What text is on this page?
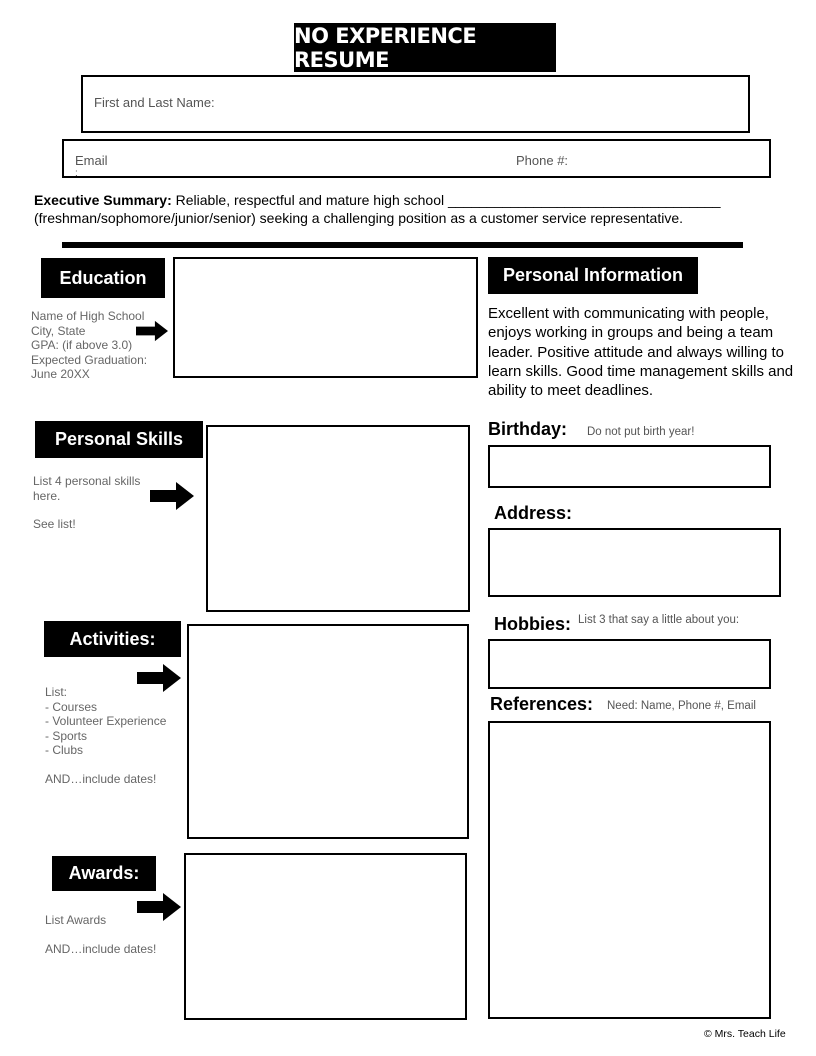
NO EXPERIENCE RESUME
First and Last Name:
Email
:
Phone #:
Executive Summary: Reliable, respectful and mature high school ___________________________________
(freshman/sophomore/junior/senior) seeking a challenging position as a customer service representative.
Education
Name of High School
City, State
GPA: (if above 3.0)
Expected Graduation:
June 20XX
Personal Skills
List 4 personal skills
here.
See list!
Activities:
List:
- Courses
- Volunteer Experience
- Sports
- Clubs
AND…include dates!
Awards:
List Awards
AND…include dates!
Personal Information
Excellent with communicating with people, enjoys working in groups and being a team leader. Positive attitude and always willing to learn skills. Good time management skills and ability to meet deadlines.
Birthday: Do not put birth year!
Address:
Hobbies: List 3 that say a little about you:
References: Need: Name, Phone #, Email
© Mrs. Teach Life
